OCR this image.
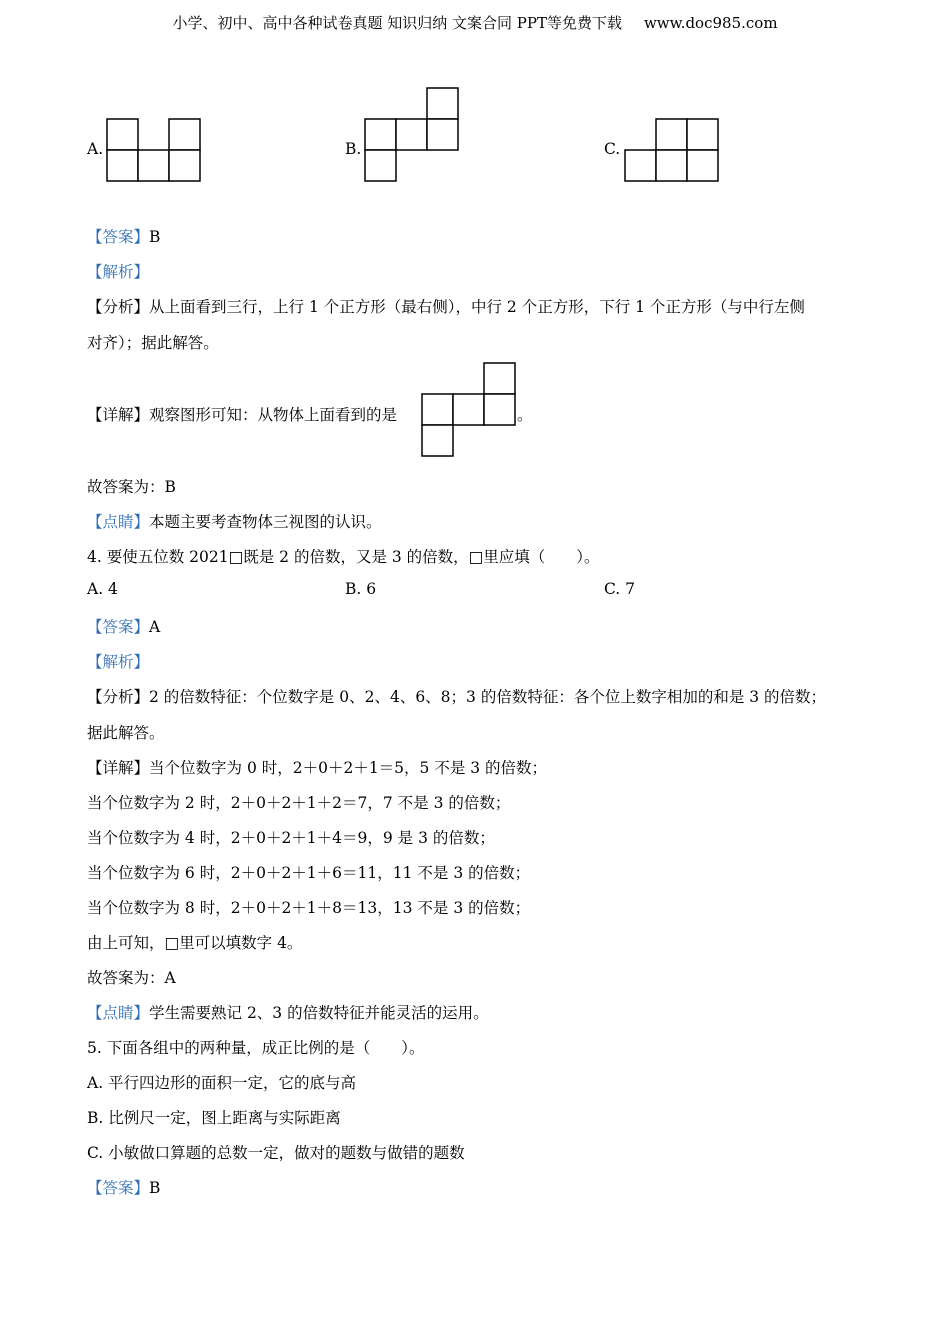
小学、初中、高中各种试卷真题 知识归纳 文案合同 PPT等免费下载 www.doc985.com
A.	B.	C.
【答案】B
【解析】
【分析】从上面看到三行，上行 1 个正方形（最右侧），中行 2 个正方形，下行 1 个正方形（与中行左侧
对齐）；据此解答。
【详解】观察图形可知：从物体上面看到的是	。
故答案为：B
【点睛】本题主要考查物体三视图的认识。
4. 要使五位数 2021□既是 2 的倍数，又是 3 的倍数，□里应填（　　）。
A. 4	B. 6	C. 7
【答案】A
【解析】
【分析】2 的倍数特征：个位数字是 0、2、4、6、8；3 的倍数特征：各个位上数字相加的和是 3 的倍数；
据此解答。
【详解】当个位数字为 0 时，2＋0＋2＋1＝5，5 不是 3 的倍数；
当个位数字为 2 时，2＋0＋2＋1＋2＝7，7 不是 3 的倍数；
当个位数字为 4 时，2＋0＋2＋1＋4＝9，9 是 3 的倍数；
当个位数字为 6 时，2＋0＋2＋1＋6＝11，11 不是 3 的倍数；
当个位数字为 8 时，2＋0＋2＋1＋8＝13，13 不是 3 的倍数；
由上可知，□里可以填数字 4。
故答案为：A
【点睛】学生需要熟记 2、3 的倍数特征并能灵活的运用。
5. 下面各组中的两种量，成正比例的是（　　）。
A. 平行四边形的面积一定，它的底与高
B. 比例尺一定，图上距离与实际距离
C. 小敏做口算题的总数一定，做对的题数与做错的题数
【答案】B
